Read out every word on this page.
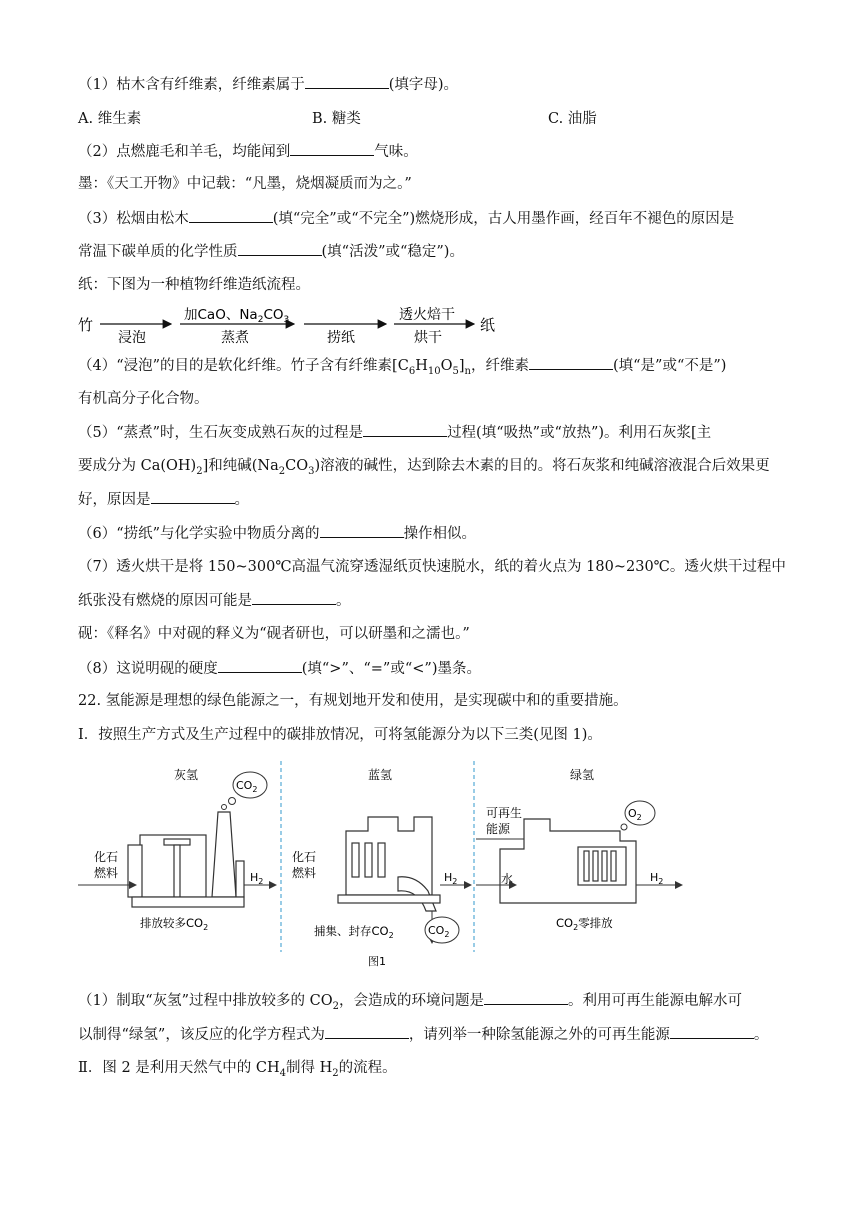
（1）枯木含有纤维素，纤维素属于	(填字母)。
A. 维生素	B. 糖类	C. 油脂
（2）点燃鹿毛和羊毛，均能闻到	气味。
墨：《天工开物》中记载：“凡墨，烧烟凝质而为之。”
（3）松烟由松木	(填“完全”或“不完全”)燃烧形成，古人用墨作画，经百年不褪色的原因是
常温下碳单质的化学性质	(填“活泼”或“稳定”)。
纸：下图为一种植物纤维造纸流程。
竹
浸泡
加CaO、$Na_2CO_3$
蒸煮	捞纸
透火焙干
烘干
纸
（4）“浸泡”的目的是软化纤维。竹子含有纤维素$[C_6H_{10}O_5]_n$，纤维素	(填“是”或“不是”)
有机高分子化合物。
（5）“蒸煮”时，生石灰变成熟石灰的过程是	过程(填“吸热”或“放热”)。利用石灰浆[主
要成分为 $Ca(OH)_2$]和纯碱$(Na_2CO_3)$溶液的碱性，达到除去木素的目的。将石灰浆和纯碱溶液混合后效果更
好，原因是	。
（6）“捞纸”与化学实验中物质分离的	操作相似。
（7）透火烘干是将 150~300℃高温气流穿透湿纸页快速脱水，纸的着火点为 180~230℃。透火烘干过程中
纸张没有燃烧的原因可能是	。
砚：《释名》中对砚的释义为“砚者研也，可以研墨和之濡也。”
（8）这说明砚的硬度	(填“>”、“=”或“<”)墨条。
22. 氢能源是理想的绿色能源之一，有规划地开发和使用，是实现碳中和的重要措施。
Ⅰ．按照生产方式及生产过程中的碳排放情况，可将氢能源分为以下三类(见图 1)。
灰氢
$CO_2$
化石
燃料	$H_2$
排放较多$CO_2$
蓝氢
化石
燃料	$H_2$
$CO_2$
捕集、封存$CO_2$
绿氢
可再生
能源
$O_2$
水	$H_2$
$CO_2$零排放
图1
（1）制取“灰氢”过程中排放较多的 $CO_2$，会造成的环境问题是	。利用可再生能源电解水可
以制得“绿氢”，该反应的化学方程式为	，请列举一种除氢能源之外的可再生能源	。
Ⅱ．图 2 是利用天然气中的 $CH_4$制得 $H_2$的流程。
